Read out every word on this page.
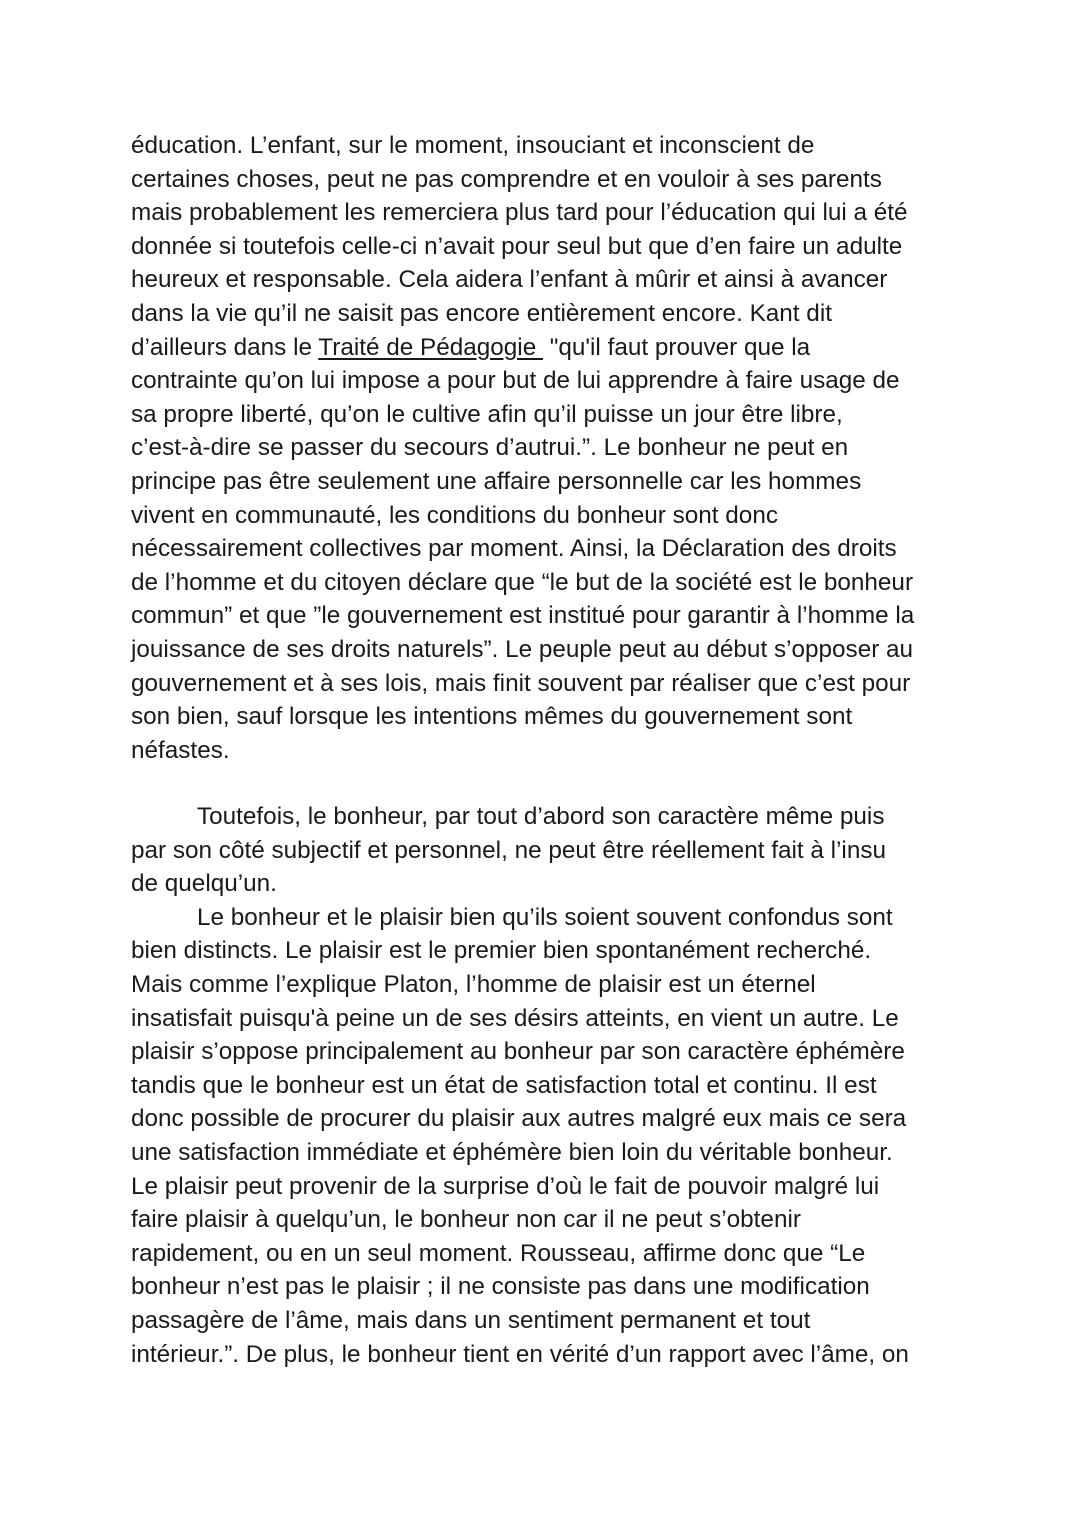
éducation. L’enfant, sur le moment, insouciant et inconscient de
certaines choses, peut ne pas comprendre et en vouloir à ses parents
mais probablement les remerciera plus tard pour l’éducation qui lui a été
donnée si toutefois celle-ci n’avait pour seul but que d’en faire un adulte
heureux et responsable. Cela aidera l’enfant à mûrir et ainsi à avancer
dans la vie qu’il ne saisit pas encore entièrement encore. Kant dit
d’ailleurs dans le Traité de Pédagogie  "qu'il faut prouver que la
contrainte qu’on lui impose a pour but de lui apprendre à faire usage de
sa propre liberté, qu’on le cultive afin qu’il puisse un jour être libre,
c’est-à-dire se passer du secours d’autrui.”. Le bonheur ne peut en
principe pas être seulement une affaire personnelle car les hommes
vivent en communauté, les conditions du bonheur sont donc
nécessairement collectives par moment. Ainsi, la Déclaration des droits
de l’homme et du citoyen déclare que “le but de la société est le bonheur
commun” et que ”le gouvernement est institué pour garantir à l’homme la
jouissance de ses droits naturels”. Le peuple peut au début s’opposer au
gouvernement et à ses lois, mais finit souvent par réaliser que c’est pour
son bien, sauf lorsque les intentions mêmes du gouvernement sont
néfastes.
Toutefois, le bonheur, par tout d’abord son caractère même puis
par son côté subjectif et personnel, ne peut être réellement fait à l’insu
de quelqu’un.
Le bonheur et le plaisir bien qu’ils soient souvent confondus sont
bien distincts. Le plaisir est le premier bien spontanément recherché.
Mais comme l’explique Platon, l’homme de plaisir est un éternel
insatisfait puisqu'à peine un de ses désirs atteints, en vient un autre. Le
plaisir s’oppose principalement au bonheur par son caractère éphémère
tandis que le bonheur est un état de satisfaction total et continu. Il est
donc possible de procurer du plaisir aux autres malgré eux mais ce sera
une satisfaction immédiate et éphémère bien loin du véritable bonheur.
Le plaisir peut provenir de la surprise d’où le fait de pouvoir malgré lui
faire plaisir à quelqu’un, le bonheur non car il ne peut s’obtenir
rapidement, ou en un seul moment. Rousseau, affirme donc que “Le
bonheur n’est pas le plaisir ; il ne consiste pas dans une modification
passagère de l’âme, mais dans un sentiment permanent et tout
intérieur.”. De plus, le bonheur tient en vérité d’un rapport avec l’âme, on
